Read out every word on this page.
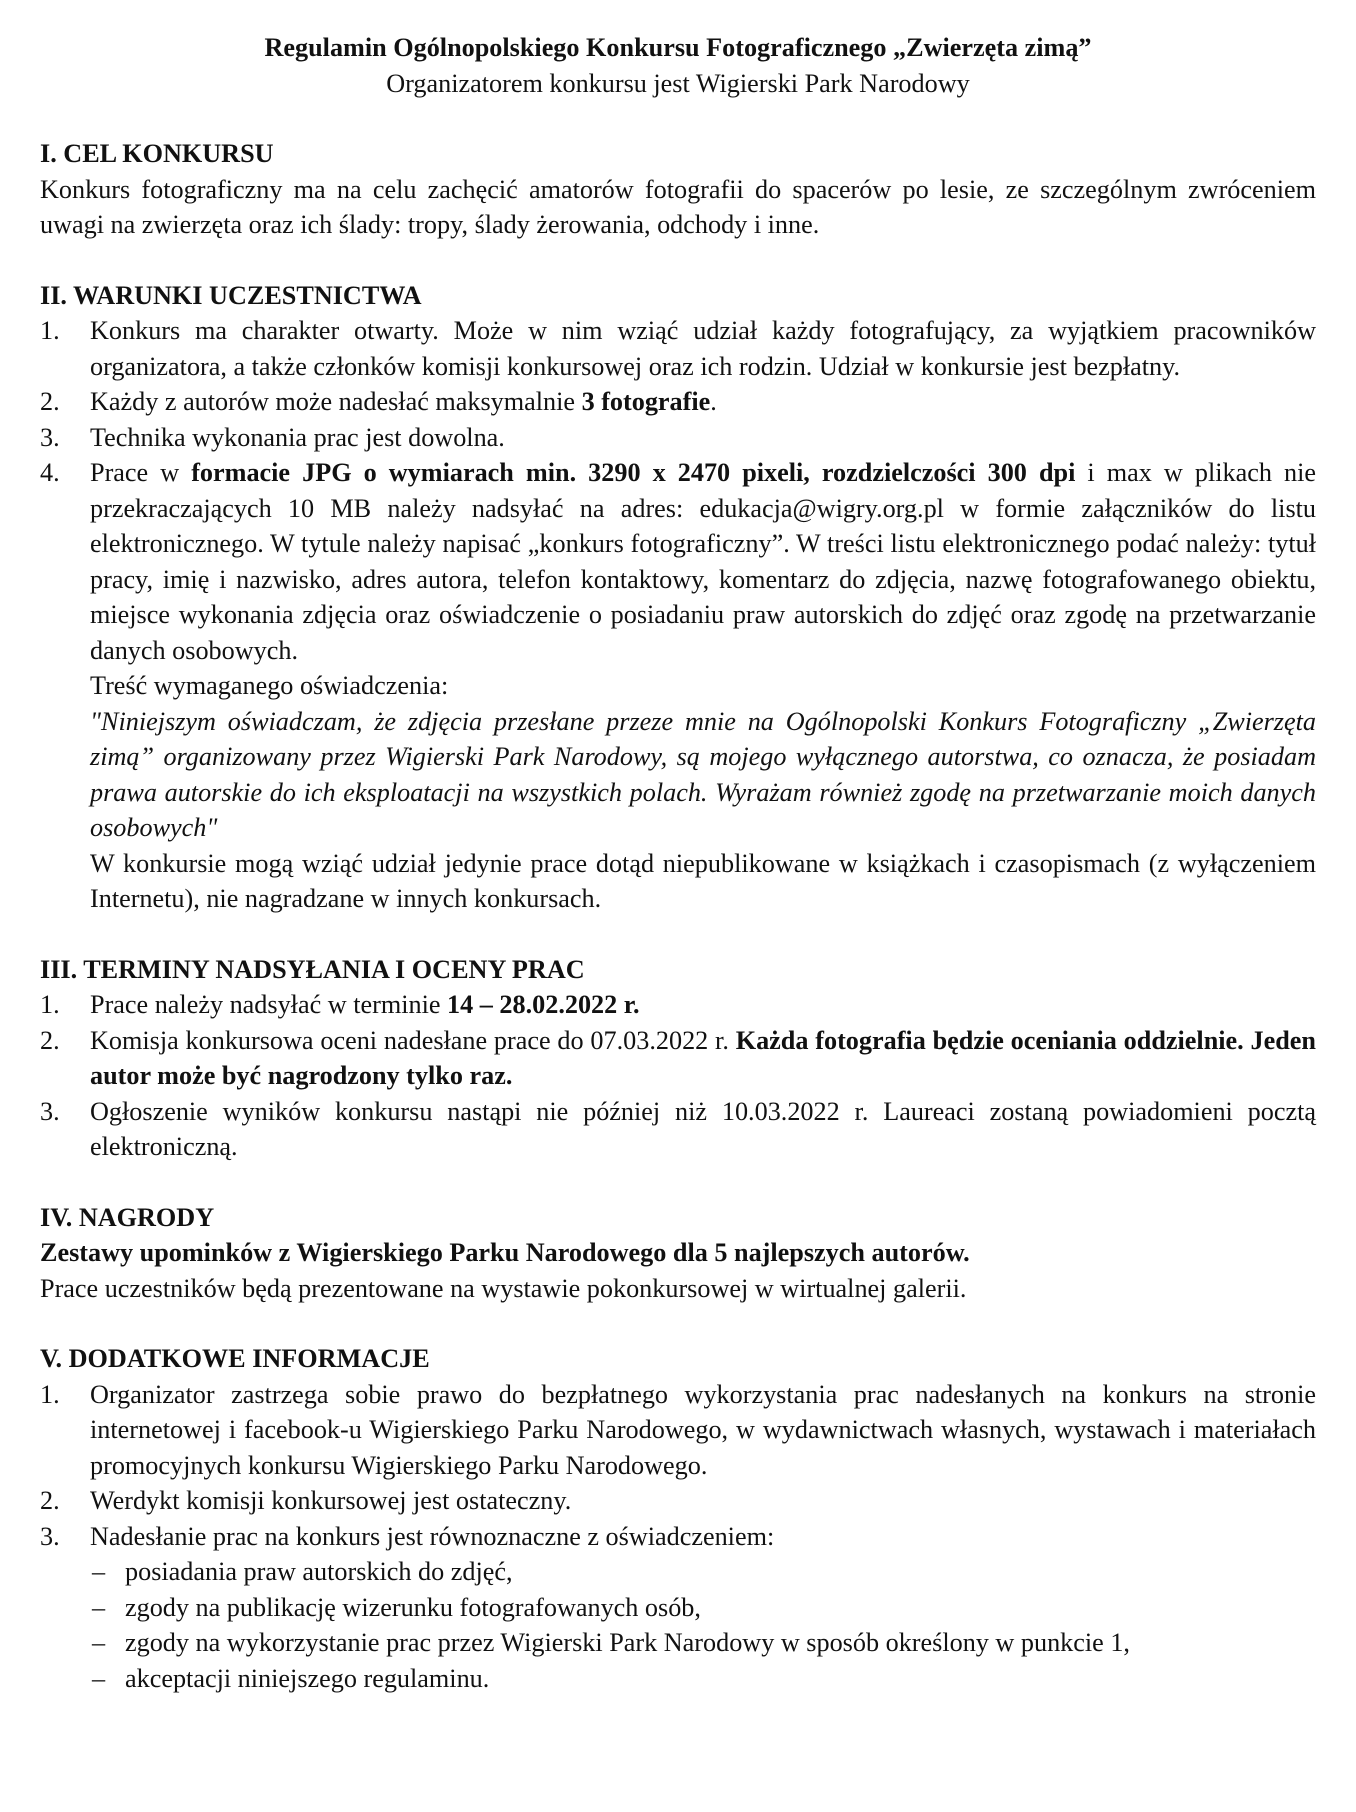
Regulamin Ogólnopolskiego Konkursu Fotograficznego „Zwierzęta zimą”

Organizatorem konkursu jest Wigierski Park Narodowy

I. CEL KONKURSU

Konkurs fotograficzny ma na celu zachęcić amatorów fotografii do spacerów po lesie, ze szczególnym zwróceniem uwagi na zwierzęta oraz ich ślady: tropy, ślady żerowania, odchody i inne.

II. WARUNKI UCZESTNICTWA

1. Konkurs ma charakter otwarty. Może w nim wziąć udział każdy fotografujący, za wyjątkiem pracowników organizatora, a także członków komisji konkursowej oraz ich rodzin. Udział w konkursie jest bezpłatny.
2. Każdy z autorów może nadesłać maksymalnie 3 fotografie.
3. Technika wykonania prac jest dowolna.
4. Prace w formacie JPG o wymiarach min. 3290 x 2470 pixeli, rozdzielczości 300 dpi i max w plikach nie przekraczających 10 MB należy nadsyłać na adres: edukacja@wigry.org.pl w formie załączników do listu elektronicznego. W tytule należy napisać „konkurs fotograficzny”. W treści listu elektronicznego podać należy: tytuł pracy, imię i nazwisko, adres autora, telefon kontaktowy, komentarz do zdjęcia, nazwę fotografowanego obiektu, miejsce wykonania zdjęcia oraz oświadczenie o posiadaniu praw autorskich do zdjęć oraz zgodę na przetwarzanie danych osobowych.
Treść wymaganego oświadczenia:
"Niniejszym oświadczam, że zdjęcia przesłane przeze mnie na Ogólnopolski Konkurs Fotograficzny „Zwierzęta zimą” organizowany przez Wigierski Park Narodowy, są mojego wyłącznego autorstwa, co oznacza, że posiadam prawa autorskie do ich eksploatacji na wszystkich polach. Wyrażam również zgodę na przetwarzanie moich danych osobowych"
W konkursie mogą wziąć udział jedynie prace dotąd niepublikowane w książkach i czasopismach (z wyłączeniem Internetu), nie nagradzane w innych konkursach.

III. TERMINY NADSYŁANIA I OCENY PRAC

1. Prace należy nadsyłać w terminie 14 – 28.02.2022 r.
2. Komisja konkursowa oceni nadesłane prace do 07.03.2022 r. Każda fotografia będzie oceniania oddzielnie. Jeden autor może być nagrodzony tylko raz.
3. Ogłoszenie wyników konkursu nastąpi nie później niż 10.03.2022 r. Laureaci zostaną powiadomieni pocztą elektroniczną.

IV. NAGRODY

Zestawy upominków z Wigierskiego Parku Narodowego dla 5 najlepszych autorów.

Prace uczestników będą prezentowane na wystawie pokonkursowej w wirtualnej galerii.

V. DODATKOWE INFORMACJE

1. Organizator zastrzega sobie prawo do bezpłatnego wykorzystania prac nadesłanych na konkurs na stronie internetowej i facebook-u Wigierskiego Parku Narodowego, w wydawnictwach własnych, wystawach i materiałach promocyjnych konkursu Wigierskiego Parku Narodowego.
2. Werdykt komisji konkursowej jest ostateczny.
3. Nadesłanie prac na konkurs jest równoznaczne z oświadczeniem:
– posiadania praw autorskich do zdjęć,
– zgody na publikację wizerunku fotografowanych osób,
– zgody na wykorzystanie prac przez Wigierski Park Narodowy w sposób określony w punkcie 1,
– akceptacji niniejszego regulaminu.
